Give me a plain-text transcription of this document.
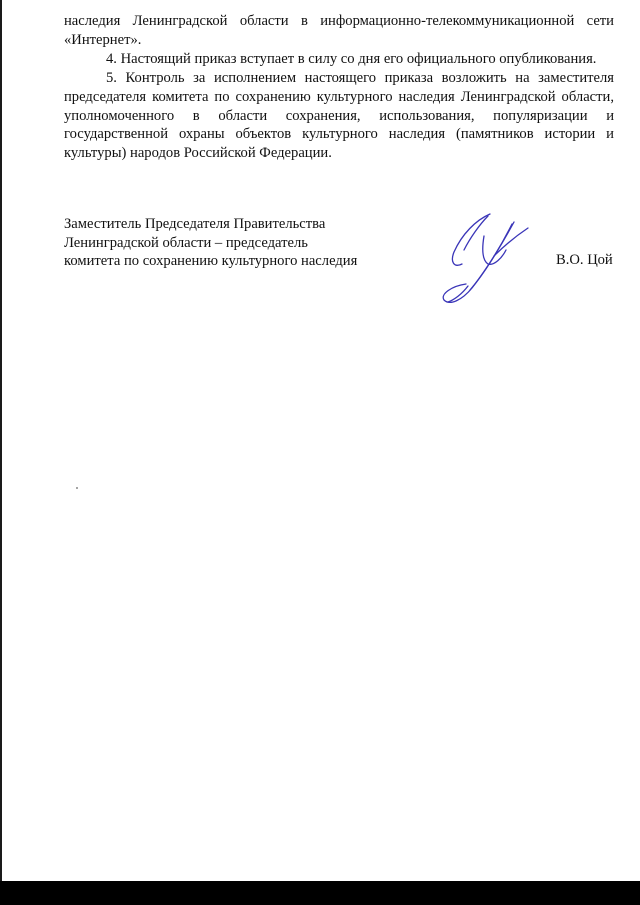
наследия Ленинградской области в информационно-телекоммуникационной сети «Интернет».

4. Настоящий приказ вступает в силу со дня его официального опубликования.

5. Контроль за исполнением настоящего приказа возложить на заместителя председателя комитета по сохранению культурного наследия Ленинградской области, уполномоченного в области сохранения, использования, популяризации и государственной охраны объектов культурного наследия (памятников истории и культуры) народов Российской Федерации.

Заместитель Председателя Правительства
Ленинградской области – председатель
комитета по сохранению культурного наследия	В.О. Цой
